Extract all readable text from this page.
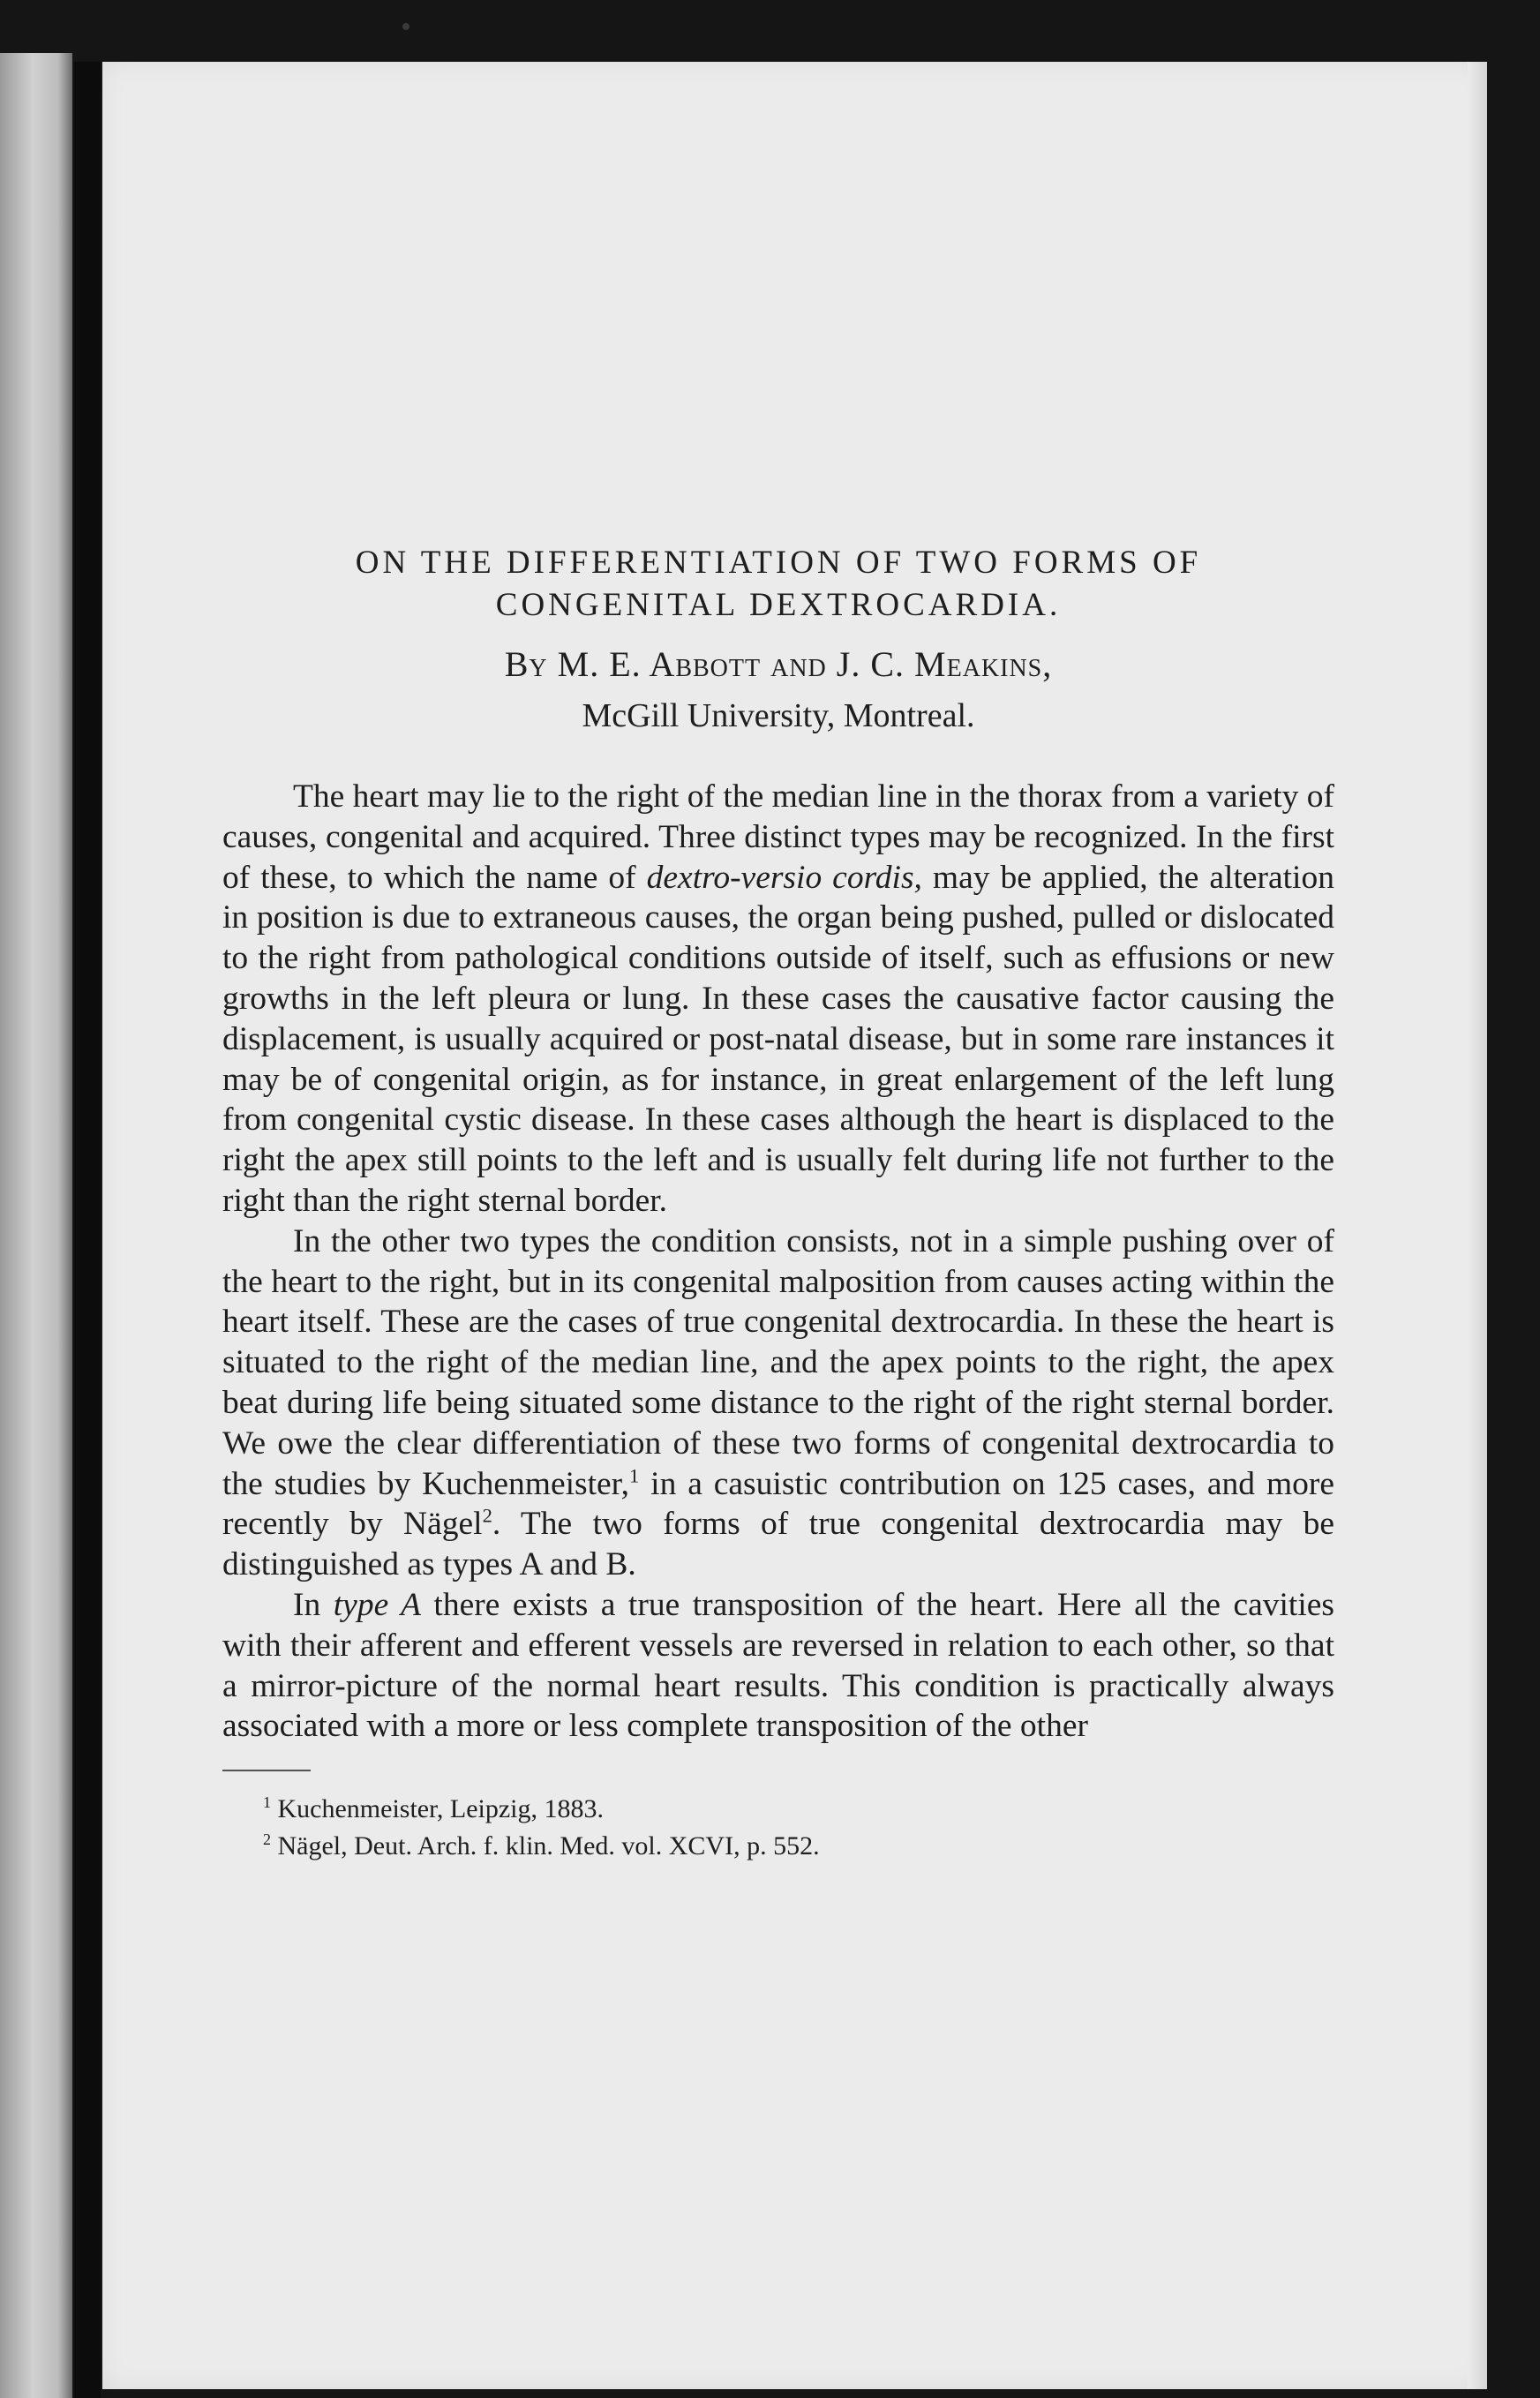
ON THE DIFFERENTIATION OF TWO FORMS OF
CONGENITAL DEXTROCARDIA.
By M. E. Abbott and J. C. Meakins,
McGill University, Montreal.

The heart may lie to the right of the median line in the thorax from a variety of causes, congenital and acquired. Three distinct types may be recognized. In the first of these, to which the name of dextro-versio cordis, may be applied, the alteration in position is due to extraneous causes, the organ being pushed, pulled or dislocated to the right from pathological conditions outside of itself, such as effusions or new growths in the left pleura or lung. In these cases the causative factor causing the displacement, is usually acquired or post-natal disease, but in some rare instances it may be of congenital origin, as for instance, in great enlargement of the left lung from congenital cystic disease. In these cases although the heart is displaced to the right the apex still points to the left and is usually felt during life not further to the right than the right sternal border.

In the other two types the condition consists, not in a simple pushing over of the heart to the right, but in its congenital malposition from causes acting within the heart itself. These are the cases of true congenital dextrocardia. In these the heart is situated to the right of the median line, and the apex points to the right, the apex beat during life being situated some distance to the right of the right sternal border. We owe the clear differentiation of these two forms of congenital dextrocardia to the studies by Kuchenmeister,$^1$ in a casuistic contribution on 125 cases, and more recently by Nägel$^2$. The two forms of true congenital dextrocardia may be distinguished as types A and B.

In type A there exists a true transposition of the heart. Here all the cavities with their afferent and efferent vessels are reversed in relation to each other, so that a mirror-picture of the normal heart results. This condition is practically always associated with a more or less complete transposition of the other

$^1$ Kuchenmeister, Leipzig, 1883.
$^2$ Nägel, Deut. Arch. f. klin. Med. vol. XCVI, p. 552.
